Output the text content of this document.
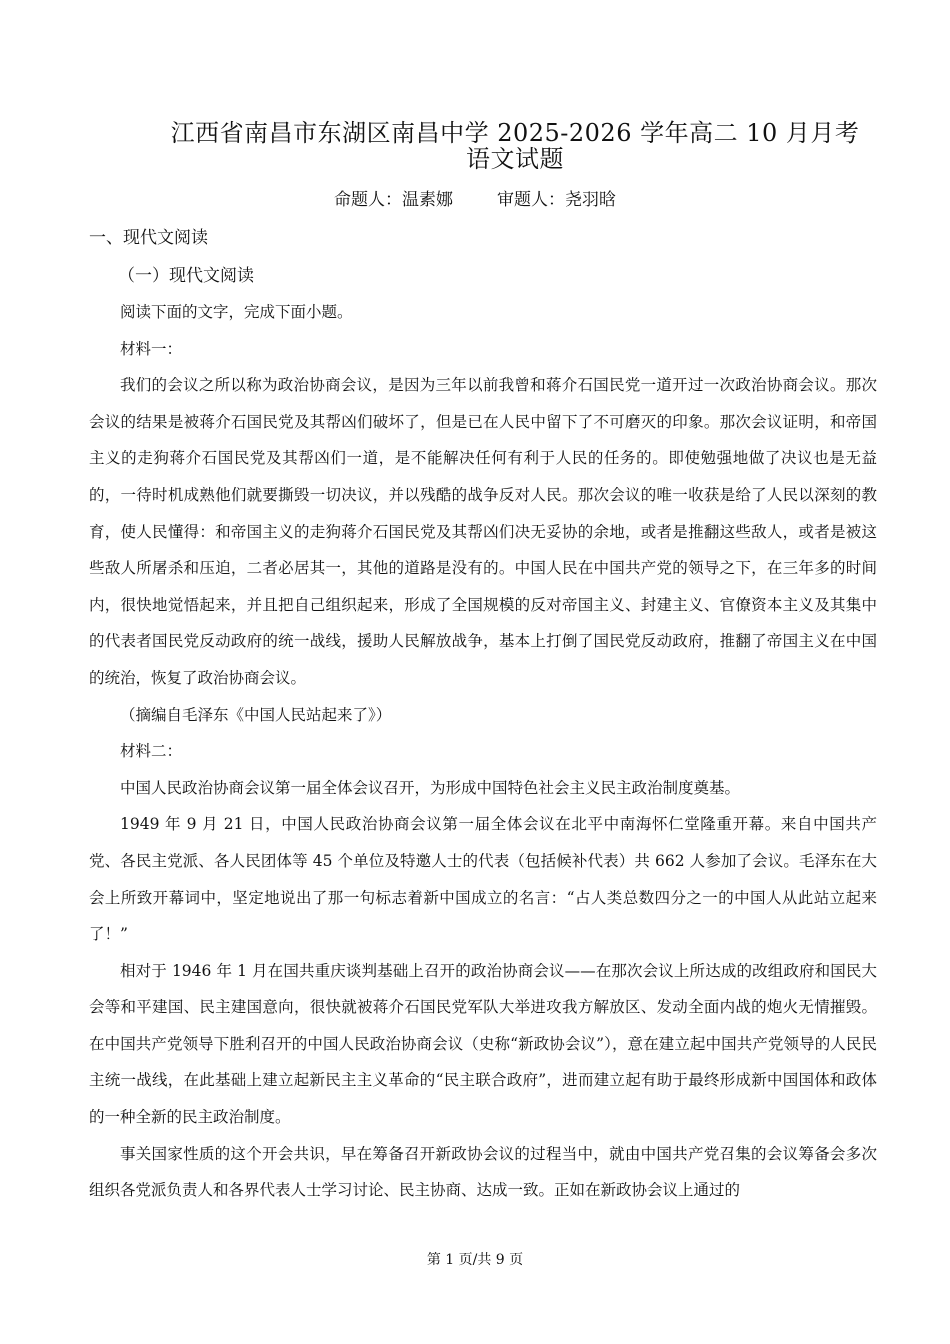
江西省南昌市东湖区南昌中学 2025-2026 学年高二 10 月月考
语文试题
命题人：温素娜	审题人：尧羽晗
一、现代文阅读
（一）现代文阅读

阅读下面的文字，完成下面小题。

材料一：

我们的会议之所以称为政治协商会议，是因为三年以前我曾和蒋介石国民党一道开过一次政治协商会议。那次会议的结果是被蒋介石国民党及其帮凶们破坏了，但是已在人民中留下了不可磨灭的印象。那次会议证明，和帝国主义的走狗蒋介石国民党及其帮凶们一道，是不能解决任何有利于人民的任务的。即使勉强地做了决议也是无益的，一待时机成熟他们就要撕毁一切决议，并以残酷的战争反对人民。那次会议的唯一收获是给了人民以深刻的教育，使人民懂得：和帝国主义的走狗蒋介石国民党及其帮凶们决无妥协的余地，或者是推翻这些敌人，或者是被这些敌人所屠杀和压迫，二者必居其一，其他的道路是没有的。中国人民在中国共产党的领导之下，在三年多的时间内，很快地觉悟起来，并且把自己组织起来，形成了全国规模的反对帝国主义、封建主义、官僚资本主义及其集中的代表者国民党反动政府的统一战线，援助人民解放战争，基本上打倒了国民党反动政府，推翻了帝国主义在中国的统治，恢复了政治协商会议。

（摘编自毛泽东《中国人民站起来了》）

材料二：

中国人民政治协商会议第一届全体会议召开，为形成中国特色社会主义民主政治制度奠基。

1949 年 9 月 21 日，中国人民政治协商会议第一届全体会议在北平中南海怀仁堂隆重开幕。来自中国共产党、各民主党派、各人民团体等 45 个单位及特邀人士的代表（包括候补代表）共 662 人参加了会议。毛泽东在大会上所致开幕词中，坚定地说出了那一句标志着新中国成立的名言：“占人类总数四分之一的中国人从此站立起来了！”

相对于 1946 年 1 月在国共重庆谈判基础上召开的政治协商会议——在那次会议上所达成的改组政府和国民大会等和平建国、民主建国意向，很快就被蒋介石国民党军队大举进攻我方解放区、发动全面内战的炮火无情摧毁。在中国共产党领导下胜利召开的中国人民政治协商会议（史称“新政协会议”），意在建立起中国共产党领导的人民民主统一战线，在此基础上建立起新民主主义革命的“民主联合政府”，进而建立起有助于最终形成新中国国体和政体的一种全新的民主政治制度。

事关国家性质的这个开会共识，早在筹备召开新政协会议的过程当中，就由中国共产党召集的会议筹备会多次组织各党派负责人和各界代表人士学习讨论、民主协商、达成一致。正如在新政协会议上通过的

第 1 页/共 9 页
